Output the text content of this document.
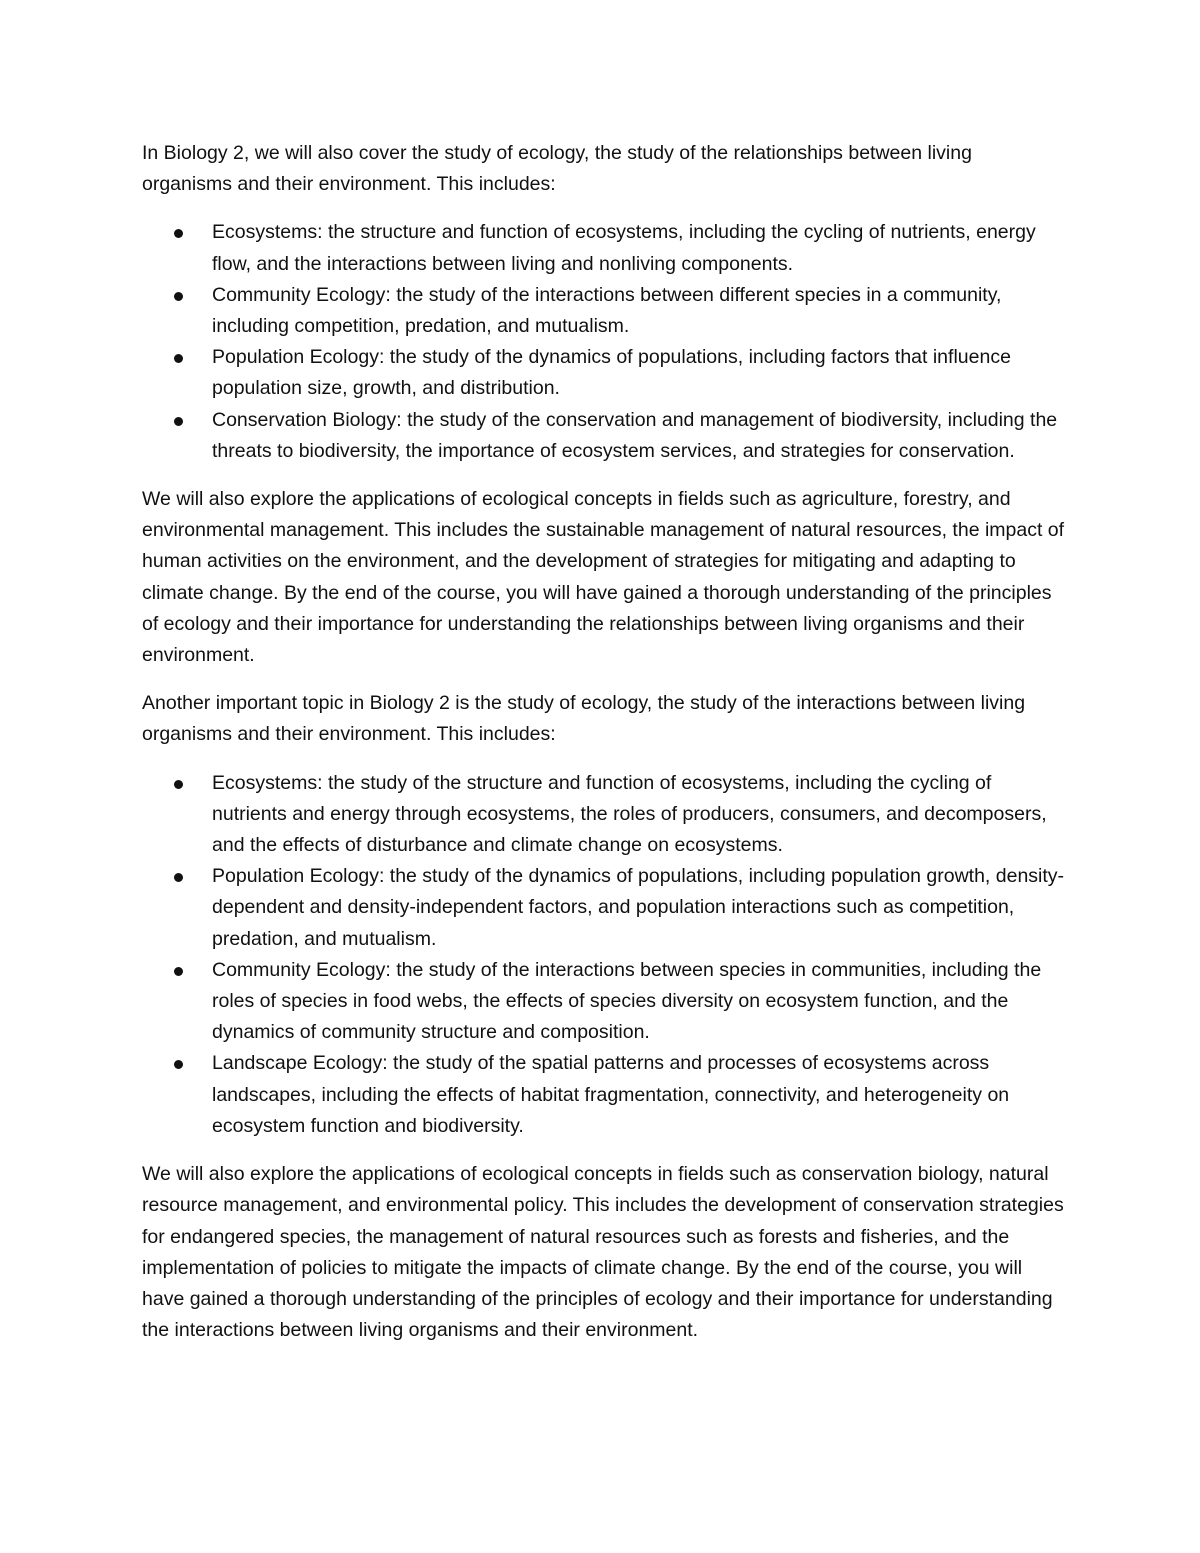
In Biology 2, we will also cover the study of ecology, the study of the relationships between living organisms and their environment. This includes:

Ecosystems: the structure and function of ecosystems, including the cycling of nutrients, energy flow, and the interactions between living and nonliving components.
Community Ecology: the study of the interactions between different species in a community, including competition, predation, and mutualism.
Population Ecology: the study of the dynamics of populations, including factors that influence population size, growth, and distribution.
Conservation Biology: the study of the conservation and management of biodiversity, including the threats to biodiversity, the importance of ecosystem services, and strategies for conservation.

We will also explore the applications of ecological concepts in fields such as agriculture, forestry, and environmental management. This includes the sustainable management of natural resources, the impact of human activities on the environment, and the development of strategies for mitigating and adapting to climate change. By the end of the course, you will have gained a thorough understanding of the principles of ecology and their importance for understanding the relationships between living organisms and their environment.

Another important topic in Biology 2 is the study of ecology, the study of the interactions between living organisms and their environment. This includes:

Ecosystems: the study of the structure and function of ecosystems, including the cycling of nutrients and energy through ecosystems, the roles of producers, consumers, and decomposers, and the effects of disturbance and climate change on ecosystems.
Population Ecology: the study of the dynamics of populations, including population growth, density-dependent and density-independent factors, and population interactions such as competition, predation, and mutualism.
Community Ecology: the study of the interactions between species in communities, including the roles of species in food webs, the effects of species diversity on ecosystem function, and the dynamics of community structure and composition.
Landscape Ecology: the study of the spatial patterns and processes of ecosystems across landscapes, including the effects of habitat fragmentation, connectivity, and heterogeneity on ecosystem function and biodiversity.

We will also explore the applications of ecological concepts in fields such as conservation biology, natural resource management, and environmental policy. This includes the development of conservation strategies for endangered species, the management of natural resources such as forests and fisheries, and the implementation of policies to mitigate the impacts of climate change. By the end of the course, you will have gained a thorough understanding of the principles of ecology and their importance for understanding the interactions between living organisms and their environment.
